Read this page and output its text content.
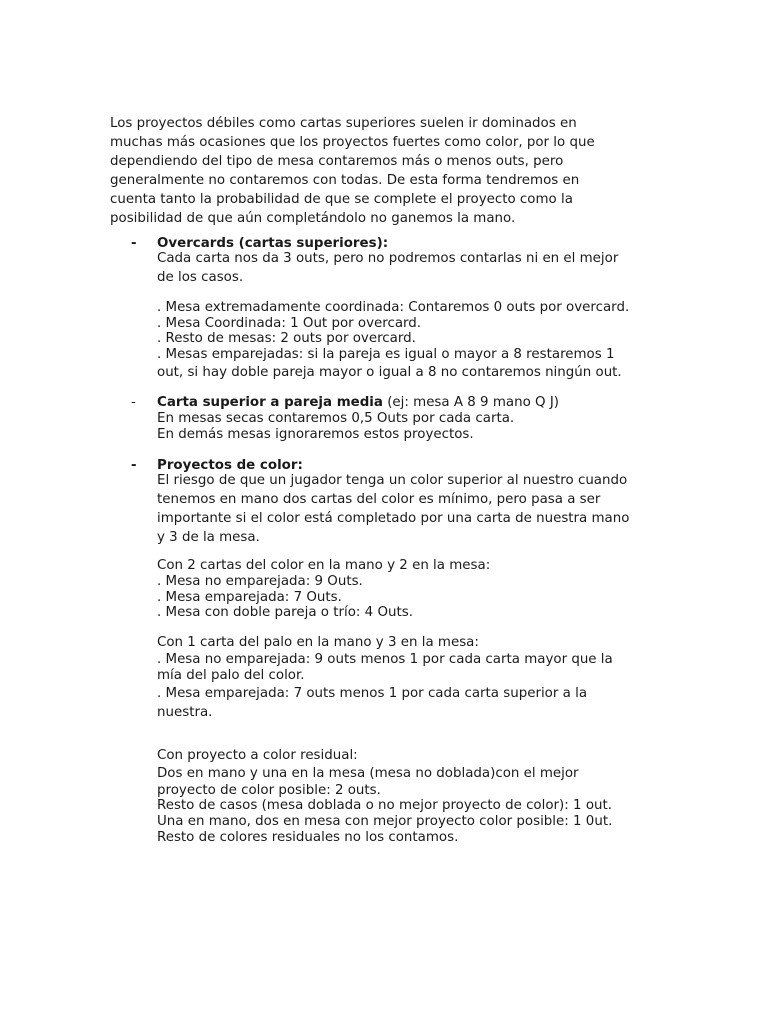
Los proyectos débiles como cartas superiores suelen ir dominados en
muchas más ocasiones que los proyectos fuertes como color, por lo que
dependiendo del tipo de mesa contaremos más o menos outs, pero
generalmente no contaremos con todas. De esta forma tendremos en
cuenta tanto la probabilidad de que se complete el proyecto como la
posibilidad de que aún completándolo no ganemos la mano.
- Overcards (cartas superiores):
Cada carta nos da 3 outs, pero no podremos contarlas ni en el mejor
de los casos.
. Mesa extremadamente coordinada: Contaremos 0 outs por overcard.
. Mesa Coordinada: 1 Out por overcard.
. Resto de mesas: 2 outs por overcard.
. Mesas emparejadas: si la pareja es igual o mayor a 8 restaremos 1
out, si hay doble pareja mayor o igual a 8 no contaremos ningún out.
- Carta superior a pareja media (ej: mesa A 8 9 mano Q J)
En mesas secas contaremos 0,5 Outs por cada carta.
En demás mesas ignoraremos estos proyectos.
- Proyectos de color:
El riesgo de que un jugador tenga un color superior al nuestro cuando
tenemos en mano dos cartas del color es mínimo, pero pasa a ser
importante si el color está completado por una carta de nuestra mano
y 3 de la mesa.
Con 2 cartas del color en la mano y 2 en la mesa:
. Mesa no emparejada: 9 Outs.
. Mesa emparejada: 7 Outs.
. Mesa con doble pareja o trío: 4 Outs.
Con 1 carta del palo en la mano y 3 en la mesa:
. Mesa no emparejada: 9 outs menos 1 por cada carta mayor que la
mía del palo del color.
. Mesa emparejada: 7 outs menos 1 por cada carta superior a la
nuestra.
Con proyecto a color residual:
Dos en mano y una en la mesa (mesa no doblada)con el mejor
proyecto de color posible: 2 outs.
Resto de casos (mesa doblada o no mejor proyecto de color): 1 out.
Una en mano, dos en mesa con mejor proyecto color posible: 1 0ut.
Resto de colores residuales no los contamos.
